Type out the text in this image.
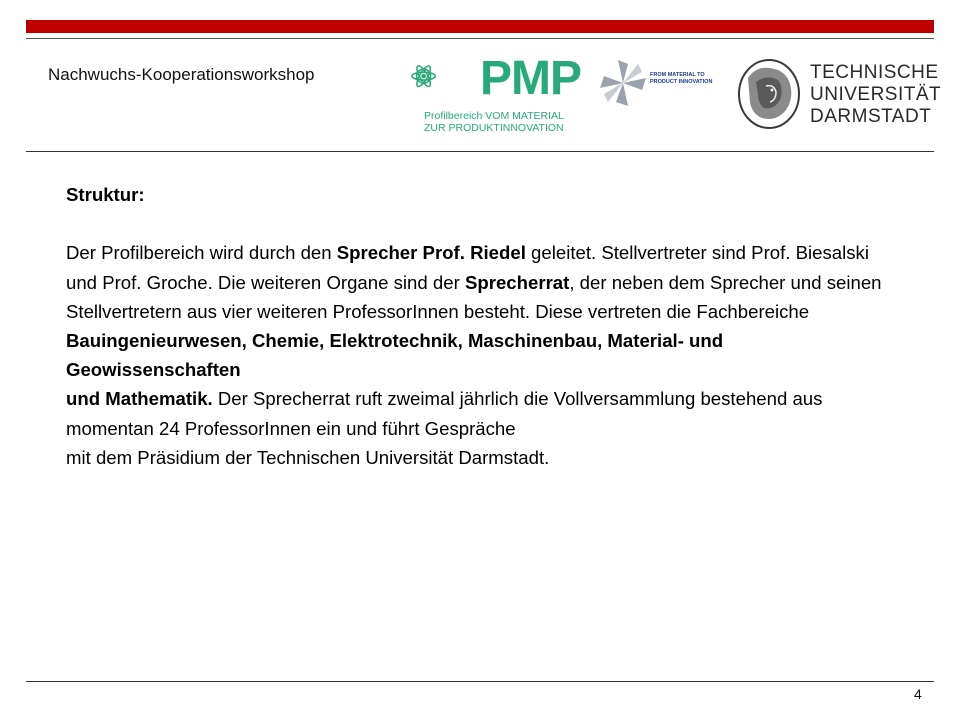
Nachwuchs-Kooperationsworkshop	PMP
Profilbereich VOM MATERIAL
ZUR PRODUKTINNOVATION
FROM MATERIAL TO
PRODUCT INNOVATION	TECHNISCHE
UNIVERSITÄT
DARMSTADT
Struktur:
Der Profilbereich wird durch den Sprecher Prof. Riedel geleitet. Stellvertreter sind Prof. Biesalski und Prof. Groche. Die weiteren Organe sind der Sprecherrat, der neben dem Sprecher und seinen Stellvertretern aus vier weiteren ProfessorInnen besteht. Diese vertreten die Fachbereiche Bauingenieurwesen, Chemie, Elektrotechnik, Maschinenbau, Material- und Geowissenschaften
und Mathematik. Der Sprecherrat ruft zweimal jährlich die Vollversammlung bestehend aus momentan 24 ProfessorInnen ein und führt Gespräche
mit dem Präsidium der Technischen Universität Darmstadt.
4
